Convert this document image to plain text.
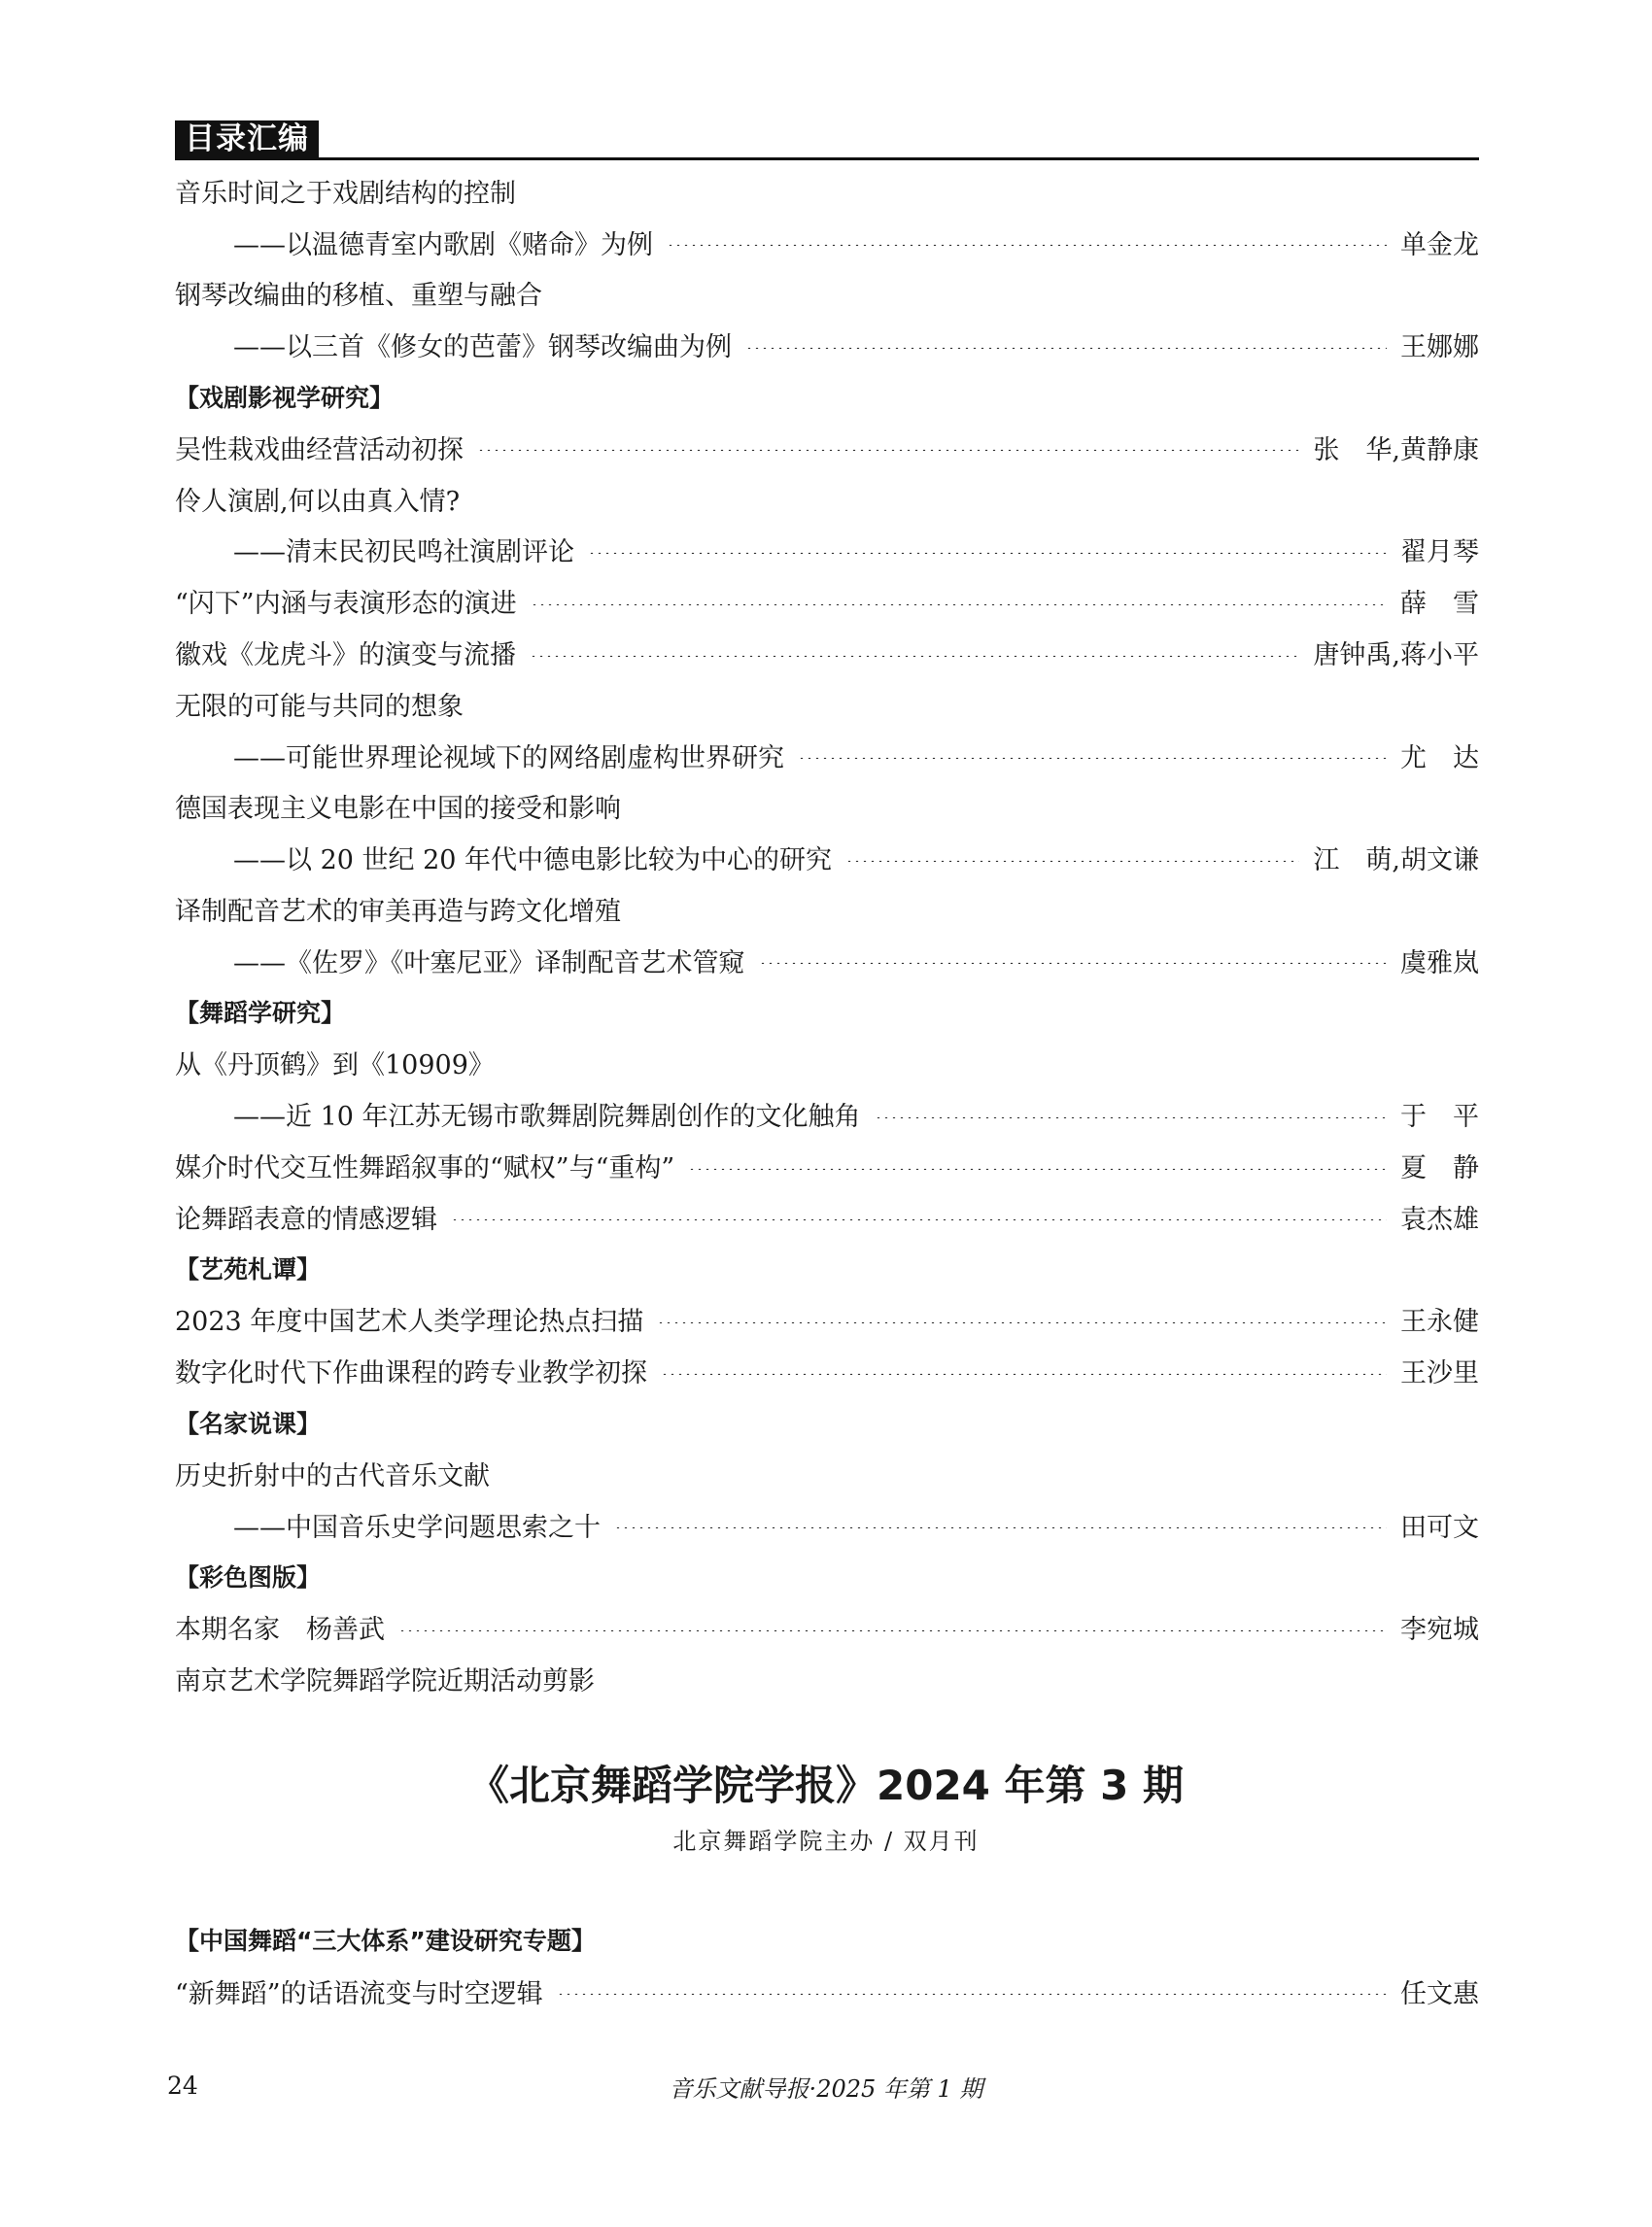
目录汇编
音乐时间之于戏剧结构的控制
——以温德青室内歌剧《赌命》为例	单金龙
钢琴改编曲的移植、重塑与融合
——以三首《修女的芭蕾》钢琴改编曲为例	王娜娜
【戏剧影视学研究】
吴性栽戏曲经营活动初探	张　华,黄静康
伶人演剧,何以由真入情?
——清末民初民鸣社演剧评论	翟月琴
“闪下”内涵与表演形态的演进	薛　雪
徽戏《龙虎斗》的演变与流播	唐钟禹,蒋小平
无限的可能与共同的想象
——可能世界理论视域下的网络剧虚构世界研究	尤　达
德国表现主义电影在中国的接受和影响
——以 20 世纪 20 年代中德电影比较为中心的研究	江　萌,胡文谦
译制配音艺术的审美再造与跨文化增殖
——《佐罗》《叶塞尼亚》译制配音艺术管窥	虞雅岚
【舞蹈学研究】
从《丹顶鹤》到《10909》
——近 10 年江苏无锡市歌舞剧院舞剧创作的文化触角	于　平
媒介时代交互性舞蹈叙事的“赋权”与“重构”	夏　静
论舞蹈表意的情感逻辑	袁杰雄
【艺苑札谭】
2023 年度中国艺术人类学理论热点扫描	王永健
数字化时代下作曲课程的跨专业教学初探	王沙里
【名家说课】
历史折射中的古代音乐文献
——中国音乐史学问题思索之十	田可文
【彩色图版】
本期名家　杨善武	李宛城
南京艺术学院舞蹈学院近期活动剪影
《北京舞蹈学院学报》2024 年第 3 期
北京舞蹈学院主办 / 双月刊
【中国舞蹈“三大体系”建设研究专题】
“新舞蹈”的话语流变与时空逻辑	任文惠
24	音乐文献导报·2025 年第 1 期
